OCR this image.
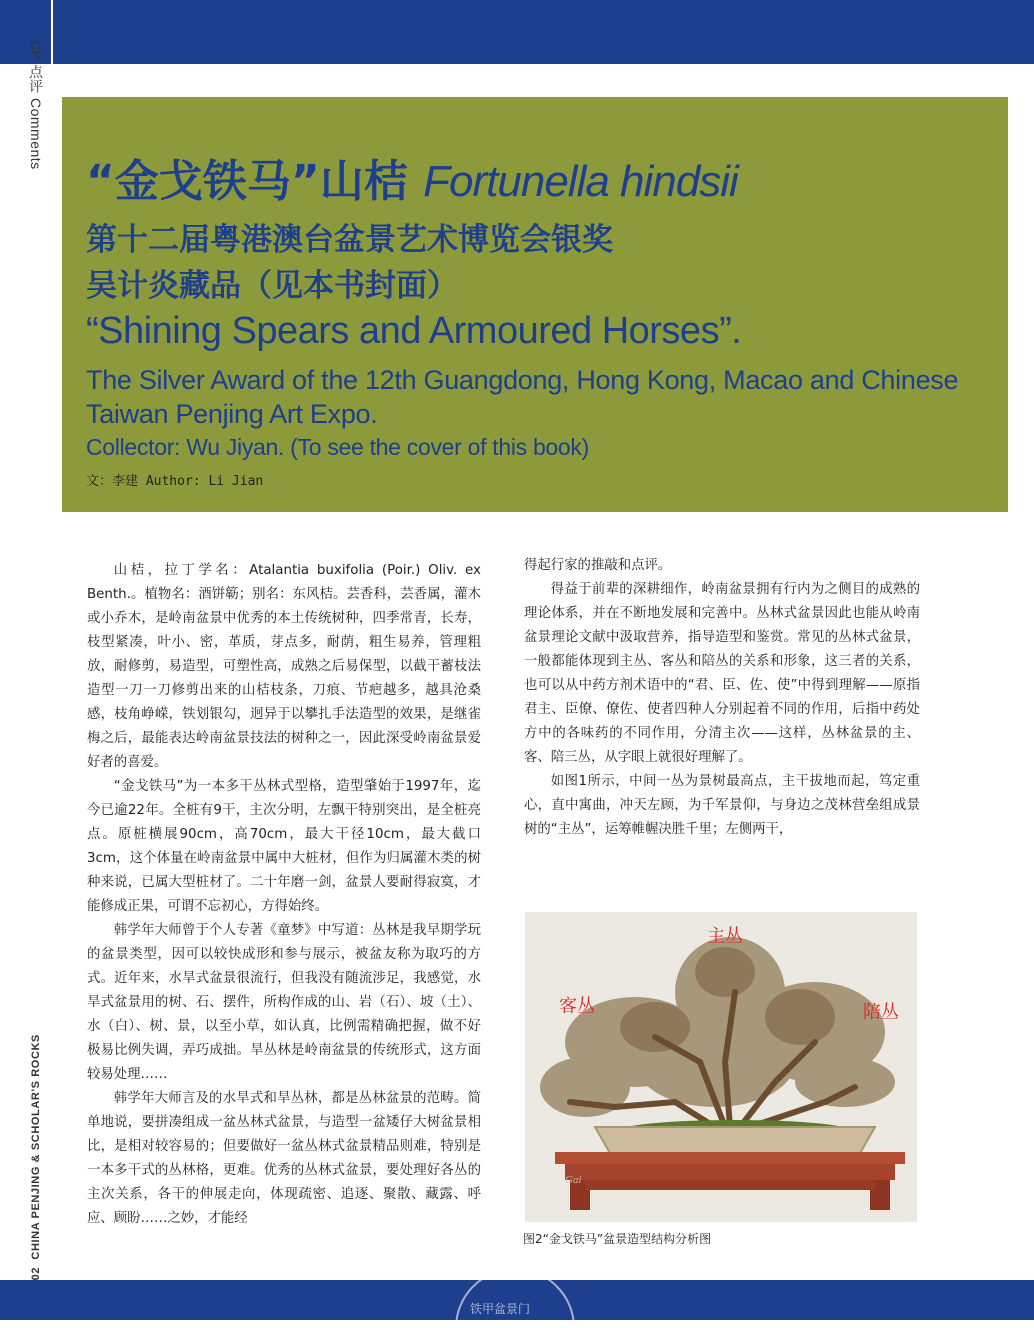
CP 点评 Comments
“金戈铁马”山桔 Fortunella hindsii
第十二届粤港澳台盆景艺术博览会银奖
吴计炎藏品（见本书封面）
“Shining Spears and Armoured Horses”.
The Silver Award of the 12th Guangdong, Hong Kong, Macao and Chinese Taiwan Penjing Art Expo.
Collector: Wu Jiyan. (To see the cover of this book)
文：李建 Author: Li Jian

山桔，拉丁学名：Atalantia buxifolia (Poir.) Oliv. ex Benth.。植物名：酒饼簕；别名：东风桔。芸香科，芸香属，灌木或小乔木，是岭南盆景中优秀的本土传统树种，四季常青，长寿，枝型紧凑，叶小、密，革质，芽点多，耐荫，粗生易养，管理粗放，耐修剪，易造型，可塑性高，成熟之后易保型，以截干蓄枝法造型一刀一刀修剪出来的山桔枝条，刀痕、节疤越多，越具沧桑感，枝角峥嵘，铁划银勾，迥异于以攀扎手法造型的效果，是继雀梅之后，最能表达岭南盆景技法的树种之一，因此深受岭南盆景爱好者的喜爱。

“金戈铁马”为一本多干丛林式型格，造型肇始于1997年，迄今已逾22年。全桩有9干，主次分明，左飘干特别突出，是全桩亮点。原桩横展90cm，高70cm，最大干径10cm，最大截口3cm，这个体量在岭南盆景中属中大桩材，但作为归属灌木类的树种来说，已属大型桩材了。二十年磨一剑，盆景人要耐得寂寞，才能修成正果，可谓不忘初心，方得始终。

韩学年大师曾于个人专著《童梦》中写道：丛林是我早期学玩的盆景类型，因可以较快成形和参与展示，被盆友称为取巧的方式。近年来，水旱式盆景很流行，但我没有随流涉足，我感觉，水旱式盆景用的树、石、摆件，所构作成的山、岩（石）、坡（土）、水（白）、树、景，以至小草，如认真，比例需精确把握，做不好极易比例失调，弄巧成拙。旱丛林是岭南盆景的传统形式，这方面较易处理……

韩学年大师言及的水旱式和旱丛林，都是丛林盆景的范畴。简单地说，要拼凑组成一盆丛林式盆景，与造型一盆矮仔大树盆景相比，是相对较容易的；但要做好一盆丛林式盆景精品则难，特别是一本多干式的丛林格，更难。优秀的丛林式盆景，要处理好各丛的主次关系，各干的伸展走向，体现疏密、追逐、聚散、藏露、呼应、顾盼……之妙，才能经

得起行家的推敲和点评。

得益于前辈的深耕细作，岭南盆景拥有行内为之侧目的成熟的理论体系，并在不断地发展和完善中。丛林式盆景因此也能从岭南盆景理论文献中汲取营养，指导造型和鉴赏。常见的丛林式盆景，一般都能体现到主丛、客丛和陪丛的关系和形象，这三者的关系，也可以从中药方剂术语中的“君、臣、佐、使”中得到理解——原指君主、臣僚、僚佐、使者四种人分别起着不同的作用，后指中药处方中的各味药的不同作用，分清主次——这样，丛林盆景的主、客、陪三丛，从字眼上就很好理解了。

如图1所示，中间一丛为景树最高点，主干拔地而起，笃定重心，直中寓曲，冲天左顾，为千军景仰，与身边之茂林营垒组成景树的“主丛”，运筹帷幄决胜千里；左侧两干，

主丛
客丛	陪丛
Gai
图2“金戈铁马”盆景造型结构分析图
02  CHINA PENJING & SCHOLAR'S ROCKS
铁甲盆景门
